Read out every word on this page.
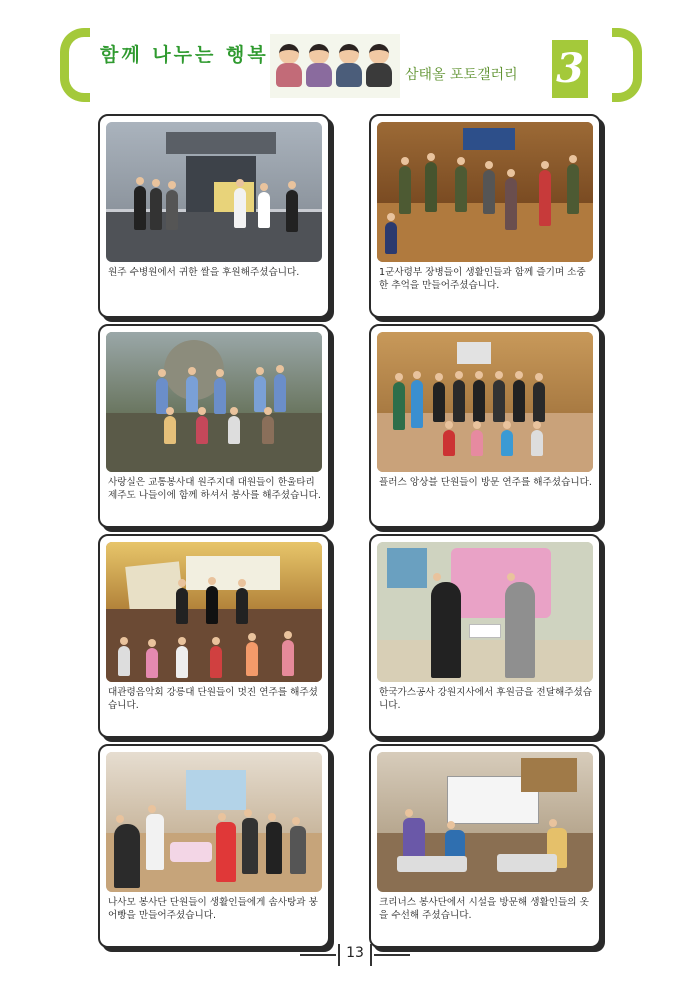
함께 나누는 행복
삼태올 포토갤러리 3
원주 수병원에서 귀한 쌀을 후원해주셨습니다.	1군사령부 장병들이 생활인들과 함께 즐기며 소중한 추억을 만들어주셨습니다.
사랑실은 교통봉사대 원주지대 대원들이 한울타리 제주도 나들이에 함께 하셔서 봉사를 해주셨습니다.
플러스 앙상블 단원들이 방문 연주를 해주셨습니다.
대관령음악회 강릉대 단원들이 멋진 연주를 해주셨습니다.
한국가스공사 강원지사에서 후원금을 전달해주셨습니다.
나사모 봉사단 단원들이 생활인들에게 솜사탕과 붕어빵을 만들어주셨습니다.
크리너스 봉사단에서 시설을 방문해 생활인들의 옷을 수선해 주셨습니다.
13
